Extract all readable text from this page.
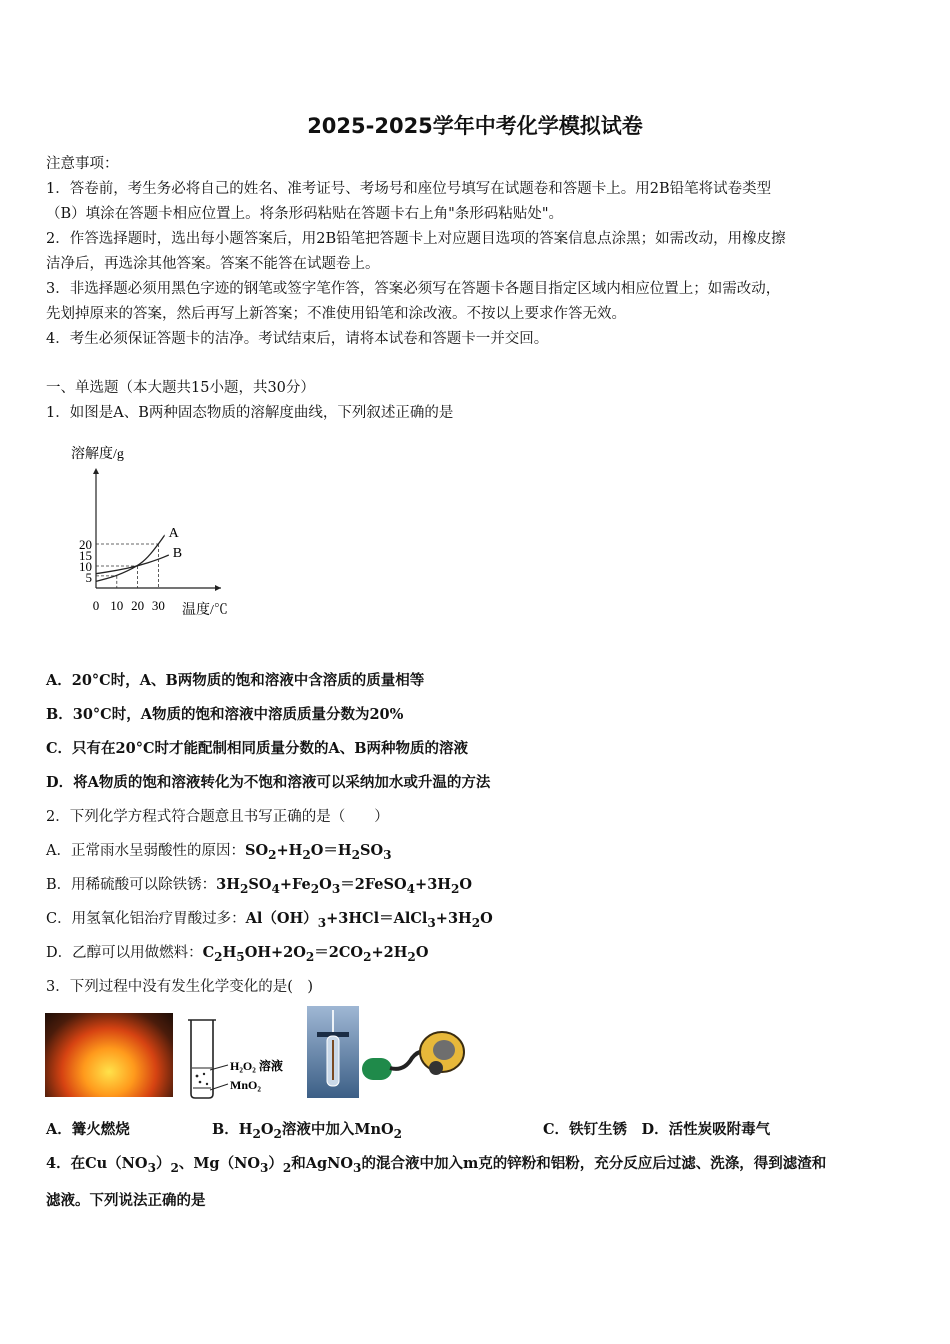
2025-2025学年中考化学模拟试卷
注意事项：
1．答卷前，考生务必将自己的姓名、准考证号、考场号和座位号填写在试题卷和答题卡上。用2B铅笔将试卷类型
（B）填涂在答题卡相应位置上。将条形码粘贴在答题卡右上角"条形码粘贴处"。
2．作答选择题时，选出每小题答案后，用2B铅笔把答题卡上对应题目选项的答案信息点涂黑；如需改动，用橡皮擦
洁净后，再选涂其他答案。答案不能答在试题卷上。
3．非选择题必须用黑色字迹的钢笔或签字笔作答，答案必须写在答题卡各题目指定区域内相应位置上；如需改动，
先划掉原来的答案，然后再写上新答案；不准使用铅笔和涂改液。不按以上要求作答无效。
4．考生必须保证答题卡的洁净。考试结束后，请将本试卷和答题卡一并交回。
一、单选题（本大题共15小题，共30分）
1．如图是A、B两种固态物质的溶解度曲线，下列叙述正确的是
溶解度/g
温度/℃
0 10 20 30
5
10
15
20
A
B
A．20°C时，A、B两物质的饱和溶液中含溶质的质量相等
B．30°C时，A物质的饱和溶液中溶质质量分数为20%
C．只有在20°C时才能配制相同质量分数的A、B两种物质的溶液
D．将A物质的饱和溶液转化为不饱和溶液可以采纳加水或升温的方法
2．下列化学方程式符合题意且书写正确的是（　　）
A．正常雨水呈弱酸性的原因：$SO_2+H_2O=H_2SO_3$
B．用稀硫酸可以除铁锈：$3H_2SO_4+Fe_2O_3=2FeSO_4+3H_2O$
C．用氢氧化铝治疗胃酸过多：$Al(OH)_3+3HCl=AlCl_3+3H_2O$
D．乙醇可以用做燃料：$C_2H_5OH+2O_2=2CO_2+2H_2O$
3．下列过程中没有发生化学变化的是(　)
H₂O₂ 溶液
MnO₂
A．篝火燃烧	B．$H_2O_2$溶液中加入MnO$_2$	C．铁钉生锈　D．活性炭吸附毒气
4．在$Cu(NO_3)_2$、$Mg(NO_3)_2$和AgNO$_3$的混合液中加入m克的锌粉和铝粉，充分反应后过滤、洗涤，得到滤渣和
滤液。下列说法正确的是
